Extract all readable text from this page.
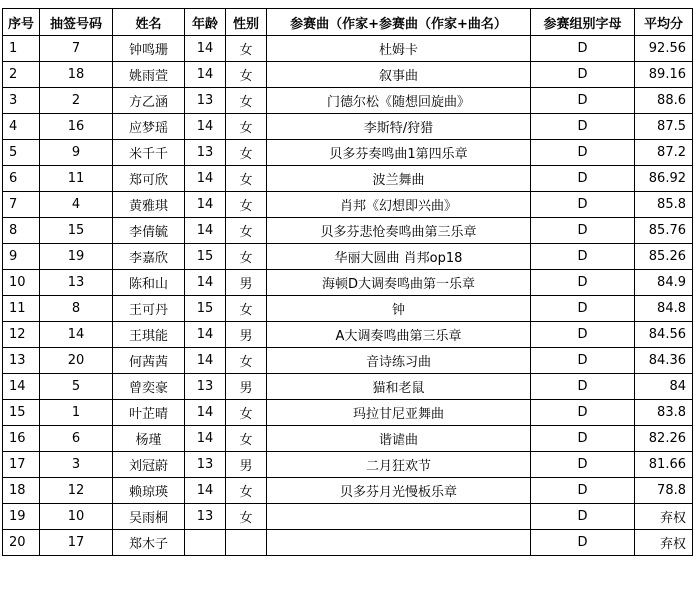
序号	抽签号码	姓名	年龄	性别	参赛曲（作家+参赛曲（作家+曲名）	参赛组别字母	平均分
1	7	钟鸣珊	14	女	杜姆卡	D	92.56
2	18	姚雨萱	14	女	叙事曲	D	89.16
3	2	方乙涵	13	女	门德尔松《随想回旋曲》	D	88.6
4	16	应梦瑶	14	女	李斯特/狩猎	D	87.5
5	9	米千千	13	女	贝多芬奏鸣曲1第四乐章	D	87.2
6	11	郑可欣	14	女	波兰舞曲	D	86.92
7	4	黄雅琪	14	女	肖邦《幻想即兴曲》	D	85.8
8	15	李倩毓	14	女	贝多芬悲怆奏鸣曲第三乐章	D	85.76
9	19	李嘉欣	15	女	华丽大圆曲 肖邦op18	D	85.26
10	13	陈和山	14	男	海顿D大调奏鸣曲第一乐章	D	84.9
11	8	王可丹	15	女	钟	D	84.8
12	14	王琪能	14	男	A大调奏鸣曲第三乐章	D	84.56
13	20	何茜茜	14	女	音诗练习曲	D	84.36
14	5	曾奕豪	13	男	猫和老鼠	D	84
15	1	叶芷晴	14	女	玛拉甘尼亚舞曲	D	83.8
16	6	杨瑾	14	女	谐谑曲	D	82.26
17	3	刘冠蔚	13	男	二月狂欢节	D	81.66
18	12	赖琼瑛	14	女	贝多芬月光慢板乐章	D	78.8
19	10	吴雨桐	13	女		D	弃权
20	17	郑木子				D	弃权
